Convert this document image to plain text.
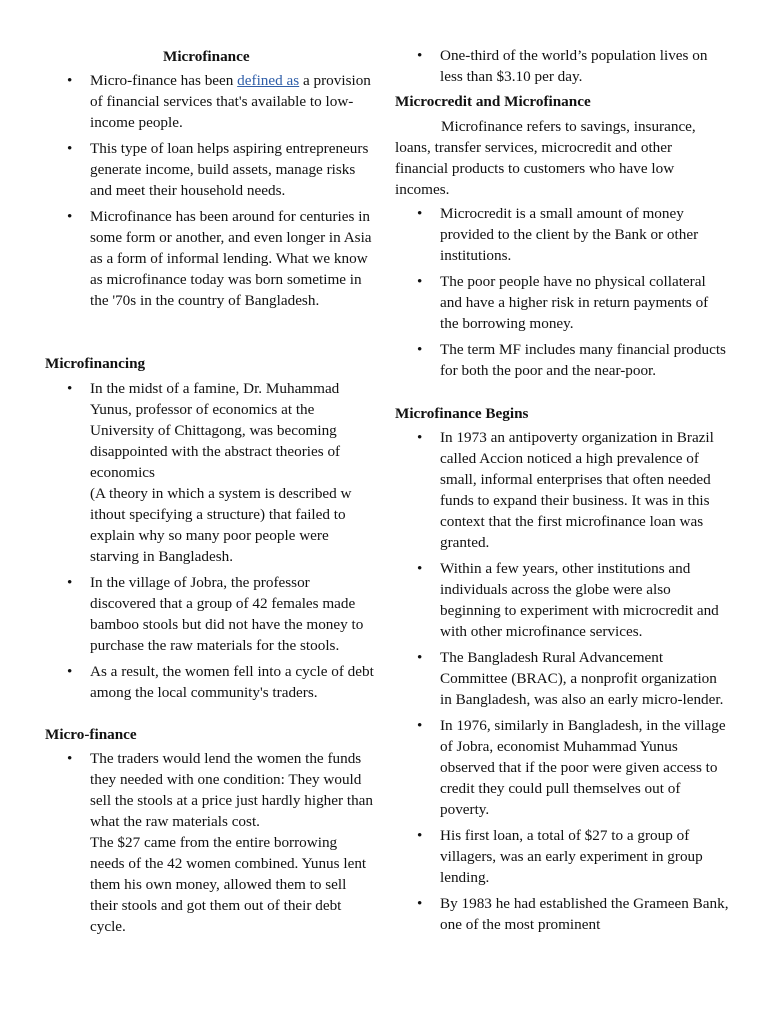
Microfinance
• Micro-finance has been defined as a provision of financial services that's available to low-income people.
• This type of loan helps aspiring entrepreneurs generate income, build assets, manage risks and meet their household needs.
• Microfinance has been around for centuries in some form or another, and even longer in Asia as a form of informal lending. What we know as microfinance today was born sometime in the '70s in the country of Bangladesh.
Microfinancing
• In the midst of a famine, Dr. Muhammad Yunus, professor of economics at the University of Chittagong, was becoming disappointed with the abstract theories of economics
(A theory in which a system is described w ithout specifying a structure) that failed to explain why so many poor people were starving in Bangladesh.
• In the village of Jobra, the professor discovered that a group of 42 females made bamboo stools but did not have the money to purchase the raw materials for the stools.
• As a result, the women fell into a cycle of debt among the local community's traders.
Micro-finance
• The traders would lend the women the funds they needed with one condition: They would sell the stools at a price just hardly higher than what the raw materials cost.
The $27 came from the entire borrowing needs of the 42 women combined. Yunus lent them his own money, allowed them to sell their stools and got them out of their debt cycle.
• One-third of the world’s population lives on less than $3.10 per day.
Microcredit and Microfinance

Microfinance refers to savings, insurance, loans, transfer services, microcredit and other financial products to customers who have low incomes.

• Microcredit is a small amount of money provided to the client by the Bank or other institutions.
• The poor people have no physical collateral and have a higher risk in return payments of the borrowing money.
• The term MF includes many financial products for both the poor and the near-poor.
Microfinance Begins
• In 1973 an antipoverty organization in Brazil called Accion noticed a high prevalence of small, informal enterprises that often needed funds to expand their business. It was in this context that the first microfinance loan was granted.
• Within a few years, other institutions and individuals across the globe were also beginning to experiment with microcredit and with other microfinance services.
• The Bangladesh Rural Advancement Committee (BRAC), a nonprofit organization in Bangladesh, was also an early micro-lender.
• In 1976, similarly in Bangladesh, in the village of Jobra, economist Muhammad Yunus observed that if the poor were given access to credit they could pull themselves out of poverty.
• His first loan, a total of $27 to a group of villagers, was an early experiment in group lending.
• By 1983 he had established the Grameen Bank, one of the most prominent
